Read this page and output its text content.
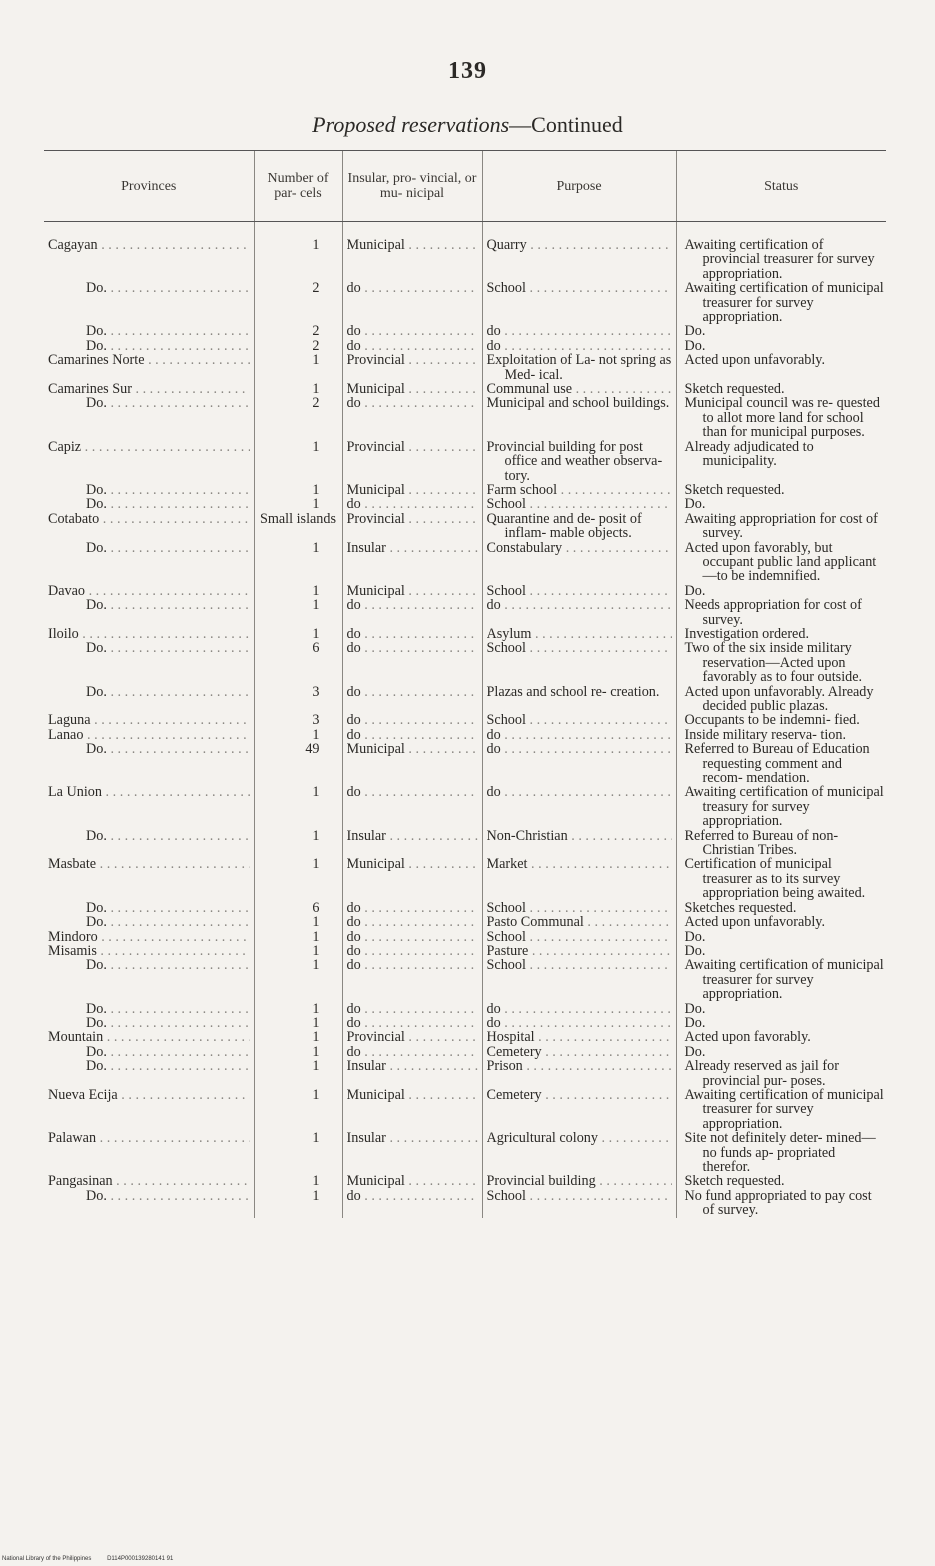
139
Proposed reservations—Continued
Provinces	Number of par- cels	Insular, pro- vincial, or mu- nicipal	Purpose	Status

Cagayan . . .	1	Municipal . . .	Quarry . . .	Awaiting certification of provincial treasurer for survey appropriation.

Do. . . .	2	do . . .	School . . .	Awaiting certification of municipal treasurer for survey appropriation.

Do. . . .	2	do . . .	do . . .	Do.

Do. . . .	2	do . . .	do . . .	Do.

Camarines Norte . . .	1	Provincial . . .	Exploitation of La- not spring as Med- ical.	Acted upon unfavorably.

Camarines Sur . . .	1	Municipal . . .	Communal use . . .	Sketch requested.

Do. . . .	2	do . . .	Municipal and school buildings.	Municipal council was re- quested to allot more land for school than for municipal purposes.

Capiz . . .	1	Provincial . . .	Provincial building for post office and weather observa- tory.	Already adjudicated to municipality.

Do. . . .	1	Municipal . . .	Farm school . . .	Sketch requested.

Do. . . .	1	do . . .	School . . .	Do.

Cotabato . . .	Small islands	Provincial . . .	Quarantine and de- posit of inflam- mable objects.	Awaiting appropriation for cost of survey.

Do. . . .	1	Insular . . .	Constabulary . . .	Acted upon favorably, but occupant public land applicant—to be indemnified.

Davao . . .	1	Municipal . . .	School . . .	Do.

Do. . . .	1	do . . .	do . . .	Needs appropriation for cost of survey.

Iloilo . . .	1	do . . .	Asylum . . .	Investigation ordered.

Do. . . .	6	do . . .	School . . .	Two of the six inside military reservation—Acted upon favorably as to four outside.

Do. . . .	3	do . . .	Plazas and school re- creation.	Acted upon unfavorably. Already decided public plazas.

Laguna . . .	3	do . . .	School . . .	Occupants to be indemni- fied.

Lanao . . .	1	do . . .	do . . .	Inside military reserva- tion.

Do. . . .	49	Municipal . . .	do . . .	Referred to Bureau of Education requesting comment and recom- mendation.

La Union . . .	1	do . . .	do . . .	Awaiting certification of municipal treasury for survey appropriation.

Do. . . .	1	Insular . . .	Non-Christian . . .	Referred to Bureau of non-Christian Tribes.

Masbate . . .	1	Municipal . . .	Market . . .	Certification of municipal treasurer as to its survey appropriation being awaited.

Do. . . .	6	do . . .	School . . .	Sketches requested.

Do. . . .	1	do . . .	Pasto Communal . . .	Acted upon unfavorably.

Mindoro . . .	1	do . . .	School . . .	Do.

Misamis . . .	1	do . . .	Pasture . . .	Do.

Do. . . .	1	do . . .	School . . .	Awaiting certification of municipal treasurer for survey appropriation.

Do. . . .	1	do . . .	do . . .	Do.

Do. . . .	1	do . . .	do . . .	Do.

Mountain . . .	1	Provincial . . .	Hospital . . .	Acted upon favorably.

Do. . . .	1	do . . .	Cemetery . . .	Do.

Do. . . .	1	Insular . . .	Prison . . .	Already reserved as jail for provincial pur- poses.

Nueva Ecija . . .	1	Municipal . . .	Cemetery . . .	Awaiting certification of municipal treasurer for survey appropriation.

Palawan . . .	1	Insular . . .	Agricultural colony . . .	Site not definitely deter- mined—no funds ap- propriated therefor.

Pangasinan . . .	1	Municipal . . .	Provincial building . . .	Sketch requested.

Do. . . .	1	do . . .	School . . .	No fund appropriated to pay cost of survey.
National Library of the Philippines	D114P000139280141 91
